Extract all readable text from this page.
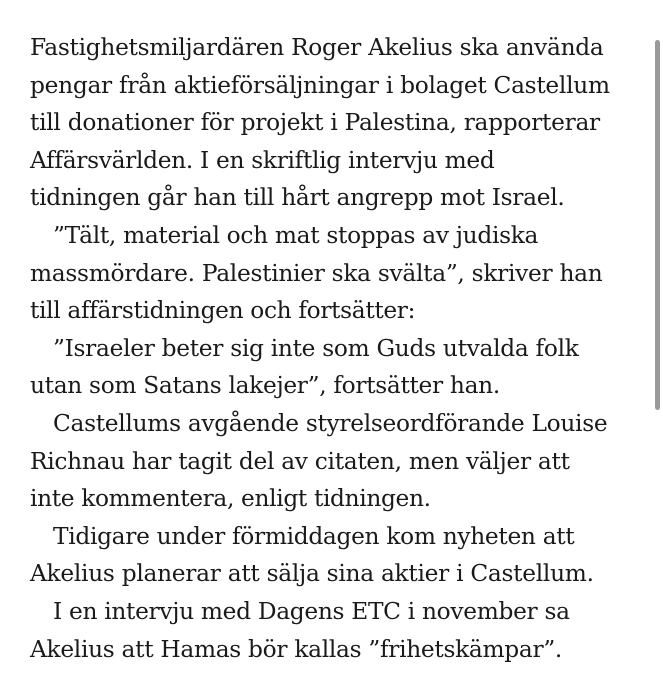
Fastighetsmiljardären Roger Akelius ska använda
pengar från aktieförsäljningar i bolaget Castellum
till donationer för projekt i Palestina, rapporterar
Affärsvärlden. I en skriftlig intervju med
tidningen går han till hårt angrepp mot Israel.

”Tält, material och mat stoppas av judiska
massmördare. Palestinier ska svälta”, skriver han
till affärstidningen och fortsätter:

”Israeler beter sig inte som Guds utvalda folk
utan som Satans lakejer”, fortsätter han.

Castellums avgående styrelseordförande Louise
Richnau har tagit del av citaten, men väljer att
inte kommentera, enligt tidningen.

Tidigare under förmiddagen kom nyheten att
Akelius planerar att sälja sina aktier i Castellum.

I en intervju med Dagens ETC i november sa
Akelius att Hamas bör kallas ”frihetskämpar”.
